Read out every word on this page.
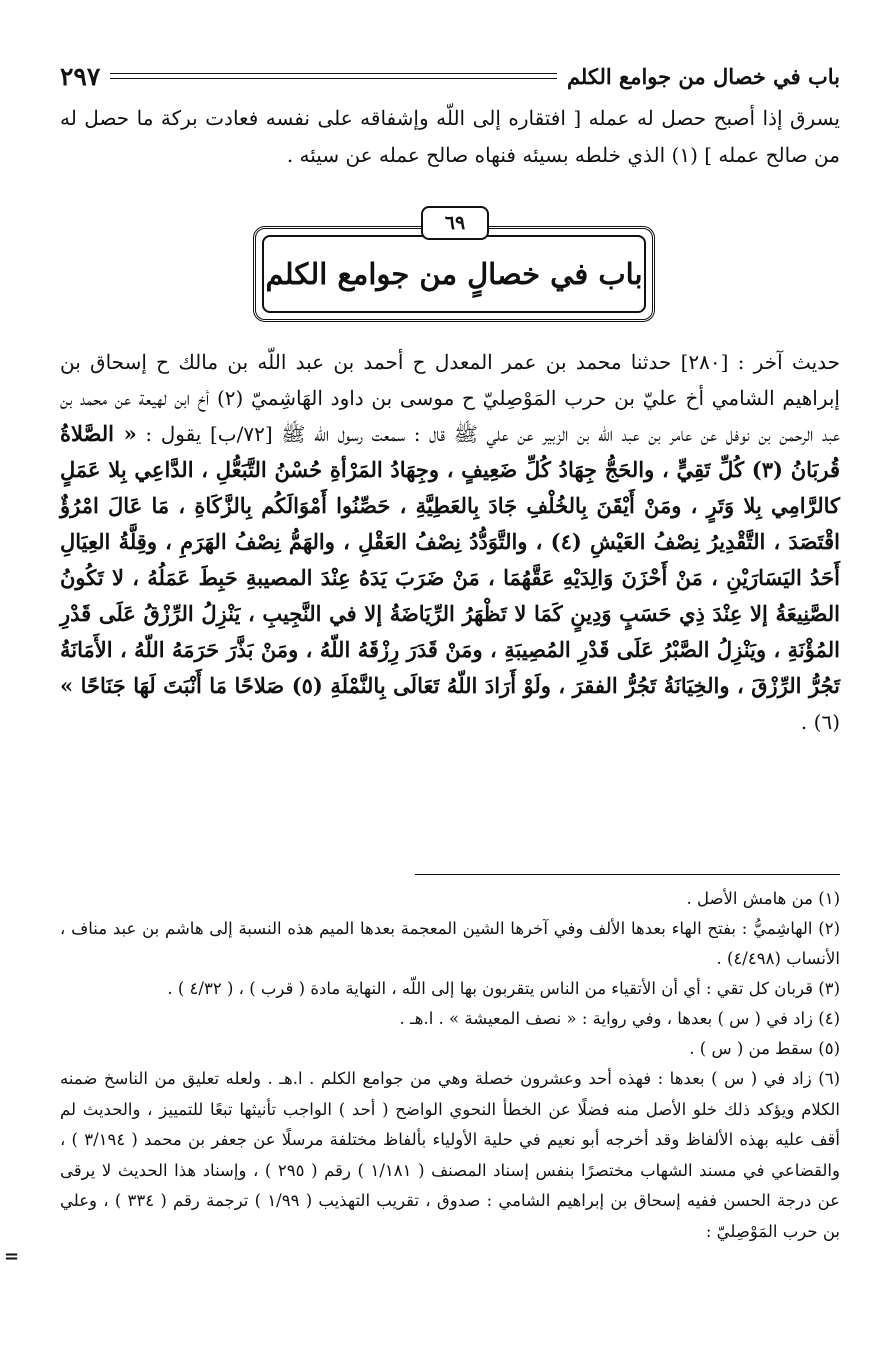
باب في خصال من جوامع الكلم
٢٩٧

يسرق إذا أصبح حصل له عمله [ افتقاره إلى اللّه وإشفاقه على نفسه فعادت بركة ما حصل له من صالح عمله ] (١) الذي خلطه بسيئه فنهاه صالح عمله عن سيئه .

٦٩
باب في خصالٍ من جوامع الكلم

حديث آخر : [٢٨٠] حدثنا محمد بن عمر المعدل ح أحمد بن عبد اللّه بن مالك ح إسحاق بن إبراهيم الشامي أخ عليّ بن حرب المَوْصِليّ ح موسى بن داود الهَاشِميّ (٢) أخ ابن لهيعة عن محمد بن عبد الرحمن بن نوفل عن عامر بن عبد اللّه بن الزبير عن علي ﷺ قال : سمعت رسول اللّه ﷺ [٧٢/ب] يقول : « الصَّلاةُ قُربَانُ (٣) كُلِّ تَقِيٍّ ، والحَجُّ جِهَادُ كُلِّ ضَعِيفٍ ، وجِهَادُ المَرْأةِ حُسْنُ التَّبَعُّلِ ، الدَّاعِي بِلا عَمَلٍ كالرَّامِي بِلا وَتَرٍ ، ومَنْ أَيْقَنَ بِالخُلْفِ جَادَ بِالعَطِيَّةِ ، حَصِّنُوا أَمْوَالَكُم بِالزَّكَاةِ ، مَا عَالَ امْرُؤٌ اقْتَصَدَ ، التَّقْدِيرُ نِصْفُ العَيْشِ (٤) ، والتَّوَدُّدُ نِصْفُ العَقْلِ ، والهَمُّ نِصْفُ الهَرَمِ ، وقِلَّةُ العِيَالِ أَحَدُ اليَسَارَيْنِ ، مَنْ أَحْزَنَ وَالِدَيْهِ عَقَّهُمَا ، مَنْ ضَرَبَ يَدَهُ عِنْدَ المصيبةِ حَبِطَ عَمَلُهُ ، لا تَكُونُ الصَّنِيعَةُ إلا عِنْدَ ذِي حَسَبٍ وَدِينٍ كَمَا لا تَظْهَرُ الرِّيَاضَةُ إلا في النَّجِيبِ ، يَنْزِلُ الرِّزْقُ عَلَى قَدْرِ المُؤْنَةِ ، ويَنْزِلُ الصَّبْرُ عَلَى قَدْرِ المُصِيبَةِ ، ومَنْ قَدَرَ رِزْقَهُ اللّهُ ، ومَنْ بَذَّرَ حَرَمَهُ اللّهُ ، الأَمَانَةُ تَجُرُّ الرِّزْقَ ، والخِيَانَةُ تَجُرُّ الفقرَ ، ولَوْ أَرَادَ اللّهُ تَعَالَى بِالنَّمْلَةِ (٥) صَلاحًا مَا أَنْبَتَ لَهَا جَنَاحًا » (٦) .

(١) من هامش الأصل .

(٢) الهاشِميُّ : بفتح الهاء بعدها الألف وفي آخرها الشين المعجمة بعدها الميم هذه النسبة إلى هاشم بن عبد مناف ، الأنساب (٤/٤٩٨) .

(٣) قربان كل تقي : أي أن الأتقياء من الناس يتقربون بها إلى اللّه ، النهاية مادة ( قرب ) ، ( ٤/٣٢ ) .

(٤) زاد في ( س ) بعدها ، وفي رواية : « نصف المعيشة » . ا.هـ .

(٥) سقط من ( س ) .

(٦) زاد في ( س ) بعدها : فهذه أحد وعشرون خصلة وهي من جوامع الكلم . ا.هـ . ولعله تعليق من الناسخ ضمنه الكلام ويؤكد ذلك خلو الأصل منه فضلًا عن الخطأ النحوي الواضح ( أحد ) الواجب تأنيثها تبعًا للتمييز ، والحديث لم أقف عليه بهذه الألفاظ وقد أخرجه أبو نعيم في حلية الأولياء بألفاظ مختلفة مرسلًا عن جعفر بن محمد ( ٣/١٩٤ ) ، والقضاعي في مسند الشهاب مختصرًا بنفس إسناد المصنف ( ١/١٨١ ) رقم ( ٢٩٥ ) ، وإسناد هذا الحديث لا يرقى عن درجة الحسن ففيه إسحاق بن إبراهيم الشامي : صدوق ، تقريب التهذيب ( ١/٩٩ ) ترجمة رقم ( ٣٣٤ ) ، وعلي بن حرب المَوْصِليّ :

=
